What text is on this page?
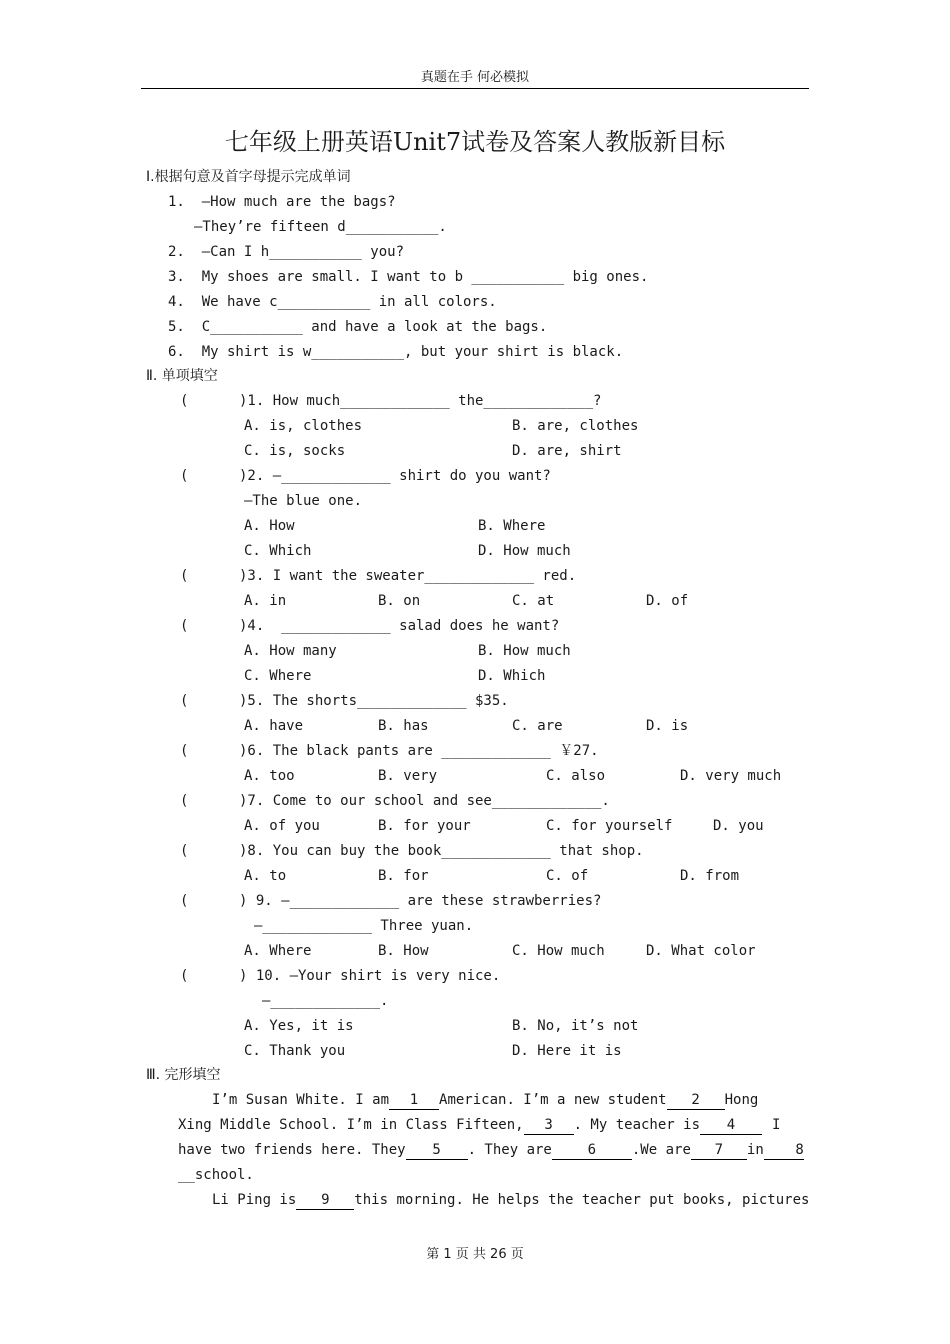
真题在手 何必模拟
七年级上册英语Unit7试卷及答案人教版新目标
Ⅰ.根据句意及首字母提示完成单词
1.  —How much are the bags?
—They’re fifteen d___________.
2.  —Can I h___________ you?
3.  My shoes are small. I want to b ___________ big ones.
4.  We have c___________ in all colors.
5.  C___________ and have a look at the bags.
6.  My shirt is w___________, but your shirt is black.
Ⅱ. 单项填空
(      )1. How much_____________ the_____________?
A. is, clothes	B. are, clothes
C. is, socks	D. are, shirt
(      )2. —_____________ shirt do you want?
—The blue one.
A. How	B. Where
C. Which	D. How much
(      )3. I want the sweater_____________ red.
A. in	B. on	C. at	D. of
(      )4.  _____________ salad does he want?
A. How many	B. How much
C. Where	D. Which
(      )5. The shorts_____________ $35.
A. have	B. has	C. are	D. is
(      )6. The black pants are _____________ ￥27.
A. too	B. very	C. also	D. very much
(      )7. Come to our school and see_____________.
A. of you	B. for your	C. for yourself	D. you
(      )8. You can buy the book_____________ that shop.
A. to	B. for	C. of	D. from
(      ) 9. —_____________ are these strawberries?
—_____________ Three yuan.
A. Where	B. How	C. How much	D. What color
(      ) 10. —Your shirt is very nice.
—_____________.
A. Yes, it is	B. No, it’s not
C. Thank you	D. Here it is
Ⅲ. 完形填空
I’m Susan White. I am 1 American. I’m a new student 2 Hong
Xing Middle School. I’m in Class Fifteen, 3 . My teacher is 4	I
have two friends here. They 5 . They are	6	.We are 7 in 8
__school.
Li Ping is 9 this morning. He helps the teacher put books, pictures
第 1 页 共 26 页
